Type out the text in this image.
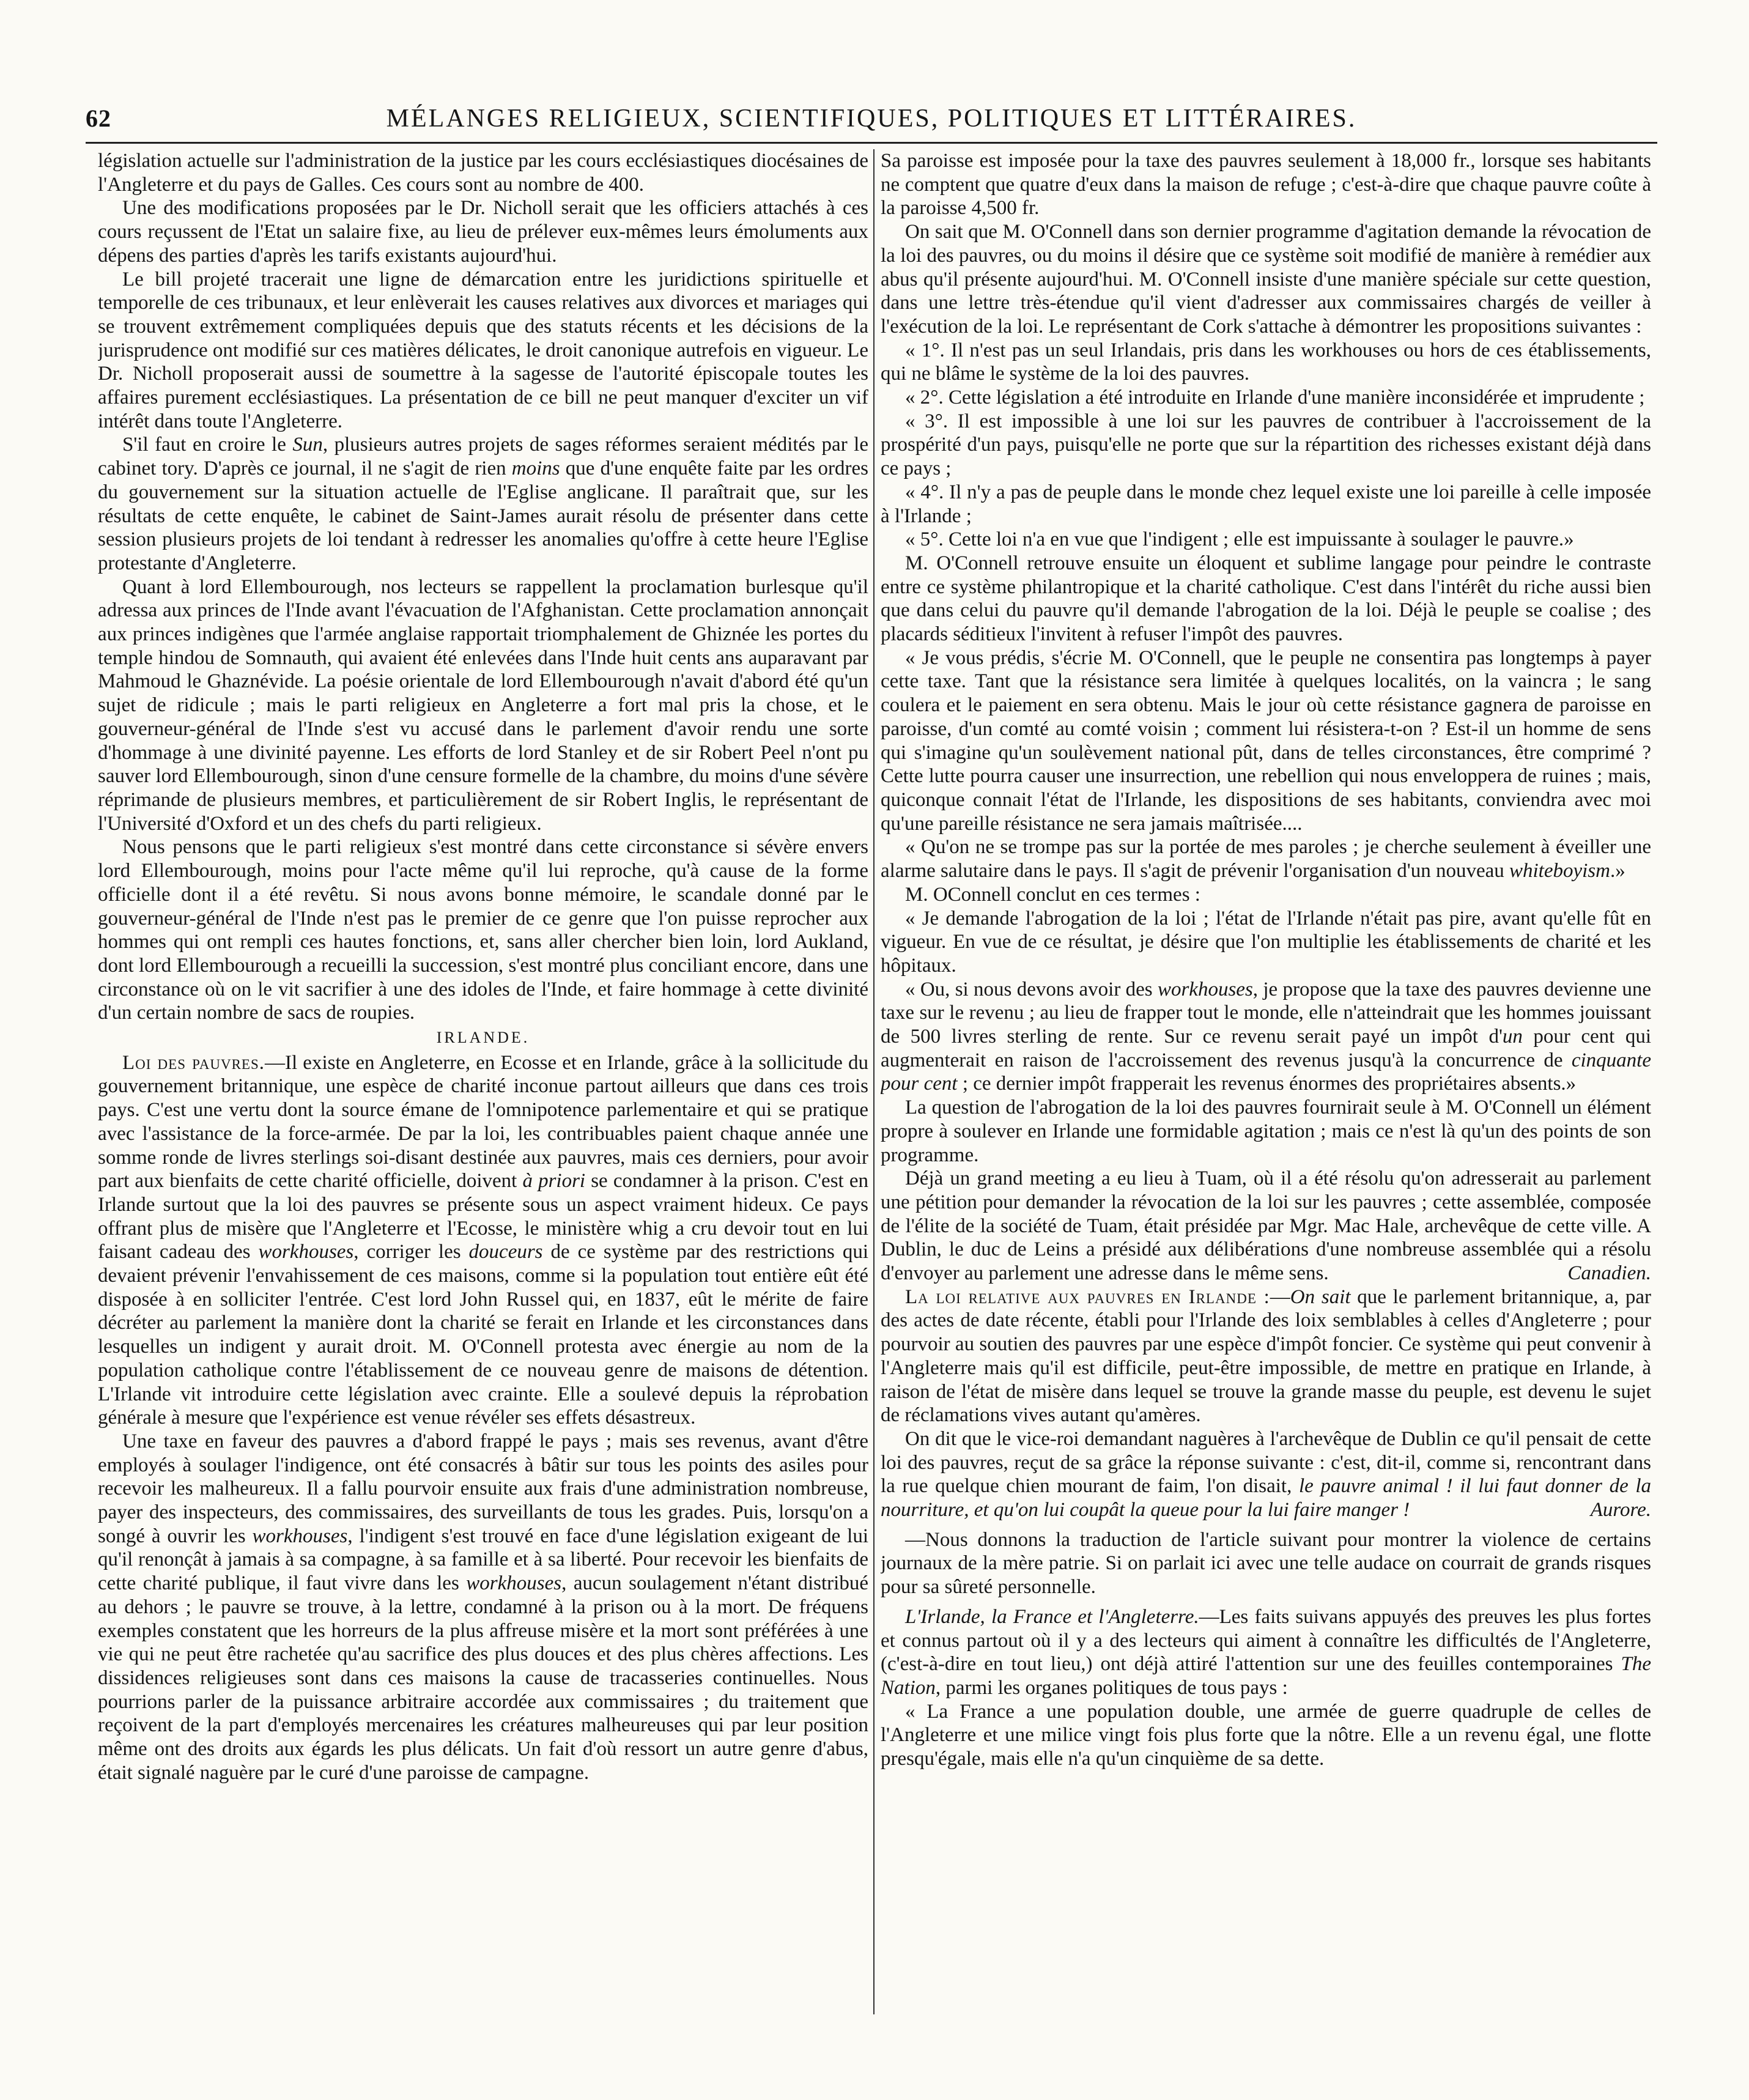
62	MÉLANGES RELIGIEUX, SCIENTIFIQUES, POLITIQUES ET LITTÉRAIRES.

législation actuelle sur l'administration de la justice par les cours ecclésiastiques diocésaines de l'Angleterre et du pays de Galles. Ces cours sont au nombre de 400.

Une des modifications proposées par le Dr. Nicholl serait que les officiers attachés à ces cours reçussent de l'Etat un salaire fixe, au lieu de prélever eux-mêmes leurs émoluments aux dépens des parties d'après les tarifs existants aujourd'hui.

Le bill projeté tracerait une ligne de démarcation entre les juridictions spirituelle et temporelle de ces tribunaux, et leur enlèverait les causes relatives aux divorces et mariages qui se trouvent extrêmement compliquées depuis que des statuts récents et les décisions de la jurisprudence ont modifié sur ces matières délicates, le droit canonique autrefois en vigueur. Le Dr. Nicholl proposerait aussi de soumettre à la sagesse de l'autorité épiscopale toutes les affaires purement ecclésiastiques. La présentation de ce bill ne peut manquer d'exciter un vif intérêt dans toute l'Angleterre.

S'il faut en croire le Sun, plusieurs autres projets de sages réformes seraient médités par le cabinet tory. D'après ce journal, il ne s'agit de rien moins que d'une enquête faite par les ordres du gouvernement sur la situation actuelle de l'Eglise anglicane. Il paraîtrait que, sur les résultats de cette enquête, le cabinet de Saint-James aurait résolu de présenter dans cette session plusieurs projets de loi tendant à redresser les anomalies qu'offre à cette heure l'Eglise protestante d'Angleterre.

Quant à lord Ellembourough, nos lecteurs se rappellent la proclamation burlesque qu'il adressa aux princes de l'Inde avant l'évacuation de l'Afghanistan. Cette proclamation annonçait aux princes indigènes que l'armée anglaise rapportait triomphalement de Ghiznée les portes du temple hindou de Somnauth, qui avaient été enlevées dans l'Inde huit cents ans auparavant par Mahmoud le Ghaznévide. La poésie orientale de lord Ellembourough n'avait d'abord été qu'un sujet de ridicule ; mais le parti religieux en Angleterre a fort mal pris la chose, et le gouverneur-général de l'Inde s'est vu accusé dans le parlement d'avoir rendu une sorte d'hommage à une divinité payenne. Les efforts de lord Stanley et de sir Robert Peel n'ont pu sauver lord Ellembourough, sinon d'une censure formelle de la chambre, du moins d'une sévère réprimande de plusieurs membres, et particulièrement de sir Robert Inglis, le représentant de l'Université d'Oxford et un des chefs du parti religieux.

Nous pensons que le parti religieux s'est montré dans cette circonstance si sévère envers lord Ellembourough, moins pour l'acte même qu'il lui reproche, qu'à cause de la forme officielle dont il a été revêtu. Si nous avons bonne mémoire, le scandale donné par le gouverneur-général de l'Inde n'est pas le premier de ce genre que l'on puisse reprocher aux hommes qui ont rempli ces hautes fonctions, et, sans aller chercher bien loin, lord Aukland, dont lord Ellembourough a recueilli la succession, s'est montré plus conciliant encore, dans une circonstance où on le vit sacrifier à une des idoles de l'Inde, et faire hommage à cette divinité d'un certain nombre de sacs de roupies.

IRLANDE.

Loi des pauvres.—Il existe en Angleterre, en Ecosse et en Irlande, grâce à la sollicitude du gouvernement britannique, une espèce de charité inconue partout ailleurs que dans ces trois pays. C'est une vertu dont la source émane de l'omnipotence parlementaire et qui se pratique avec l'assistance de la force-armée. De par la loi, les contribuables paient chaque année une somme ronde de livres sterlings soi-disant destinée aux pauvres, mais ces derniers, pour avoir part aux bienfaits de cette charité officielle, doivent à priori se condamner à la prison. C'est en Irlande surtout que la loi des pauvres se présente sous un aspect vraiment hideux. Ce pays offrant plus de misère que l'Angleterre et l'Ecosse, le ministère whig a cru devoir tout en lui faisant cadeau des workhouses, corriger les douceurs de ce système par des restrictions qui devaient prévenir l'envahissement de ces maisons, comme si la population tout entière eût été disposée à en solliciter l'entrée. C'est lord John Russel qui, en 1837, eût le mérite de faire décréter au parlement la manière dont la charité se ferait en Irlande et les circonstances dans lesquelles un indigent y aurait droit. M. O'Connell protesta avec énergie au nom de la population catholique contre l'établissement de ce nouveau genre de maisons de détention. L'Irlande vit introduire cette législation avec crainte. Elle a soulevé depuis la réprobation générale à mesure que l'expérience est venue révéler ses effets désastreux.

Une taxe en faveur des pauvres a d'abord frappé le pays ; mais ses revenus, avant d'être employés à soulager l'indigence, ont été consacrés à bâtir sur tous les points des asiles pour recevoir les malheureux. Il a fallu pourvoir ensuite aux frais d'une administration nombreuse, payer des inspecteurs, des commissaires, des surveillants de tous les grades. Puis, lorsqu'on a songé à ouvrir les workhouses, l'indigent s'est trouvé en face d'une législation exigeant de lui qu'il renonçât à jamais à sa compagne, à sa famille et à sa liberté. Pour recevoir les bienfaits de cette charité publique, il faut vivre dans les workhouses, aucun soulagement n'étant distribué au dehors ; le pauvre se trouve, à la lettre, condamné à la prison ou à la mort. De fréquens exemples constatent que les horreurs de la plus affreuse misère et la mort sont préférées à une vie qui ne peut être rachetée qu'au sacrifice des plus douces et des plus chères affections. Les dissidences religieuses sont dans ces maisons la cause de tracasseries continuelles. Nous pourrions parler de la puissance arbitraire accordée aux commissaires ; du traitement que reçoivent de la part d'employés mercenaires les créatures malheureuses qui par leur position même ont des droits aux égards les plus délicats. Un fait d'où ressort un autre genre d'abus, était signalé naguère par le curé d'une paroisse de campagne.

Sa paroisse est imposée pour la taxe des pauvres seulement à 18,000 fr., lorsque ses habitants ne comptent que quatre d'eux dans la maison de refuge ; c'est-à-dire que chaque pauvre coûte à la paroisse 4,500 fr.

On sait que M. O'Connell dans son dernier programme d'agitation demande la révocation de la loi des pauvres, ou du moins il désire que ce système soit modifié de manière à remédier aux abus qu'il présente aujourd'hui. M. O'Connell insiste d'une manière spéciale sur cette question, dans une lettre très-étendue qu'il vient d'adresser aux commissaires chargés de veiller à l'exécution de la loi. Le représentant de Cork s'attache à démontrer les propositions suivantes :

« 1°. Il n'est pas un seul Irlandais, pris dans les workhouses ou hors de ces établissements, qui ne blâme le système de la loi des pauvres.

« 2°. Cette législation a été introduite en Irlande d'une manière inconsidérée et imprudente ;

« 3°. Il est impossible à une loi sur les pauvres de contribuer à l'accroissement de la prospérité d'un pays, puisqu'elle ne porte que sur la répartition des richesses existant déjà dans ce pays ;

« 4°. Il n'y a pas de peuple dans le monde chez lequel existe une loi pareille à celle imposée à l'Irlande ;

« 5°. Cette loi n'a en vue que l'indigent ; elle est impuissante à soulager le pauvre.»

M. O'Connell retrouve ensuite un éloquent et sublime langage pour peindre le contraste entre ce système philantropique et la charité catholique. C'est dans l'intérêt du riche aussi bien que dans celui du pauvre qu'il demande l'abrogation de la loi. Déjà le peuple se coalise ; des placards séditieux l'invitent à refuser l'impôt des pauvres.

« Je vous prédis, s'écrie M. O'Connell, que le peuple ne consentira pas longtemps à payer cette taxe. Tant que la résistance sera limitée à quelques localités, on la vaincra ; le sang coulera et le paiement en sera obtenu. Mais le jour où cette résistance gagnera de paroisse en paroisse, d'un comté au comté voisin ; comment lui résistera-t-on ? Est-il un homme de sens qui s'imagine qu'un soulèvement national pût, dans de telles circonstances, être comprimé ? Cette lutte pourra causer une insurrection, une rebellion qui nous enveloppera de ruines ; mais, quiconque connait l'état de l'Irlande, les dispositions de ses habitants, conviendra avec moi qu'une pareille résistance ne sera jamais maîtrisée....

« Qu'on ne se trompe pas sur la portée de mes paroles ; je cherche seulement à éveiller une alarme salutaire dans le pays. Il s'agit de prévenir l'organisation d'un nouveau whiteboyism.»

M. OConnell conclut en ces termes :

« Je demande l'abrogation de la loi ; l'état de l'Irlande n'était pas pire, avant qu'elle fût en vigueur. En vue de ce résultat, je désire que l'on multiplie les établissements de charité et les hôpitaux.

« Ou, si nous devons avoir des workhouses, je propose que la taxe des pauvres devienne une taxe sur le revenu ; au lieu de frapper tout le monde, elle n'atteindrait que les hommes jouissant de 500 livres sterling de rente. Sur ce revenu serait payé un impôt d'un pour cent qui augmenterait en raison de l'accroissement des revenus jusqu'à la concurrence de cinquante pour cent ; ce dernier impôt frapperait les revenus énormes des propriétaires absents.»

La question de l'abrogation de la loi des pauvres fournirait seule à M. O'Connell un élément propre à soulever en Irlande une formidable agitation ; mais ce n'est là qu'un des points de son programme.

Déjà un grand meeting a eu lieu à Tuam, où il a été résolu qu'on adresserait au parlement une pétition pour demander la révocation de la loi sur les pauvres ; cette assemblée, composée de l'élite de la société de Tuam, était présidée par Mgr. Mac Hale, archevêque de cette ville. A Dublin, le duc de Leins a présidé aux délibérations d'une nombreuse assemblée qui a résolu d'envoyer au parlement une adresse dans le même sens.	Canadien.

La loi relative aux pauvres en Irlande :—On sait que le parlement britannique, a, par des actes de date récente, établi pour l'Irlande des loix semblables à celles d'Angleterre ; pour pourvoir au soutien des pauvres par une espèce d'impôt foncier. Ce système qui peut convenir à l'Angleterre mais qu'il est difficile, peut-être impossible, de mettre en pratique en Irlande, à raison de l'état de misère dans lequel se trouve la grande masse du peuple, est devenu le sujet de réclamations vives autant qu'amères.

On dit que le vice-roi demandant naguères à l'archevêque de Dublin ce qu'il pensait de cette loi des pauvres, reçut de sa grâce la réponse suivante : c'est, dit-il, comme si, rencontrant dans la rue quelque chien mourant de faim, l'on disait, le pauvre animal ! il lui faut donner de la nourriture, et qu'on lui coupât la queue pour la lui faire manger !	Aurore.

—Nous donnons la traduction de l'article suivant pour montrer la violence de certains journaux de la mère patrie. Si on parlait ici avec une telle audace on courrait de grands risques pour sa sûreté personnelle.

L'Irlande, la France et l'Angleterre.—Les faits suivans appuyés des preuves les plus fortes et connus partout où il y a des lecteurs qui aiment à connaître les difficultés de l'Angleterre, (c'est-à-dire en tout lieu,) ont déjà attiré l'attention sur une des feuilles contemporaines The Nation, parmi les organes politiques de tous pays :

« La France a une population double, une armée de guerre quadruple de celles de l'Angleterre et une milice vingt fois plus forte que la nôtre. Elle a un revenu égal, une flotte presqu'égale, mais elle n'a qu'un cinquième de sa dette.
